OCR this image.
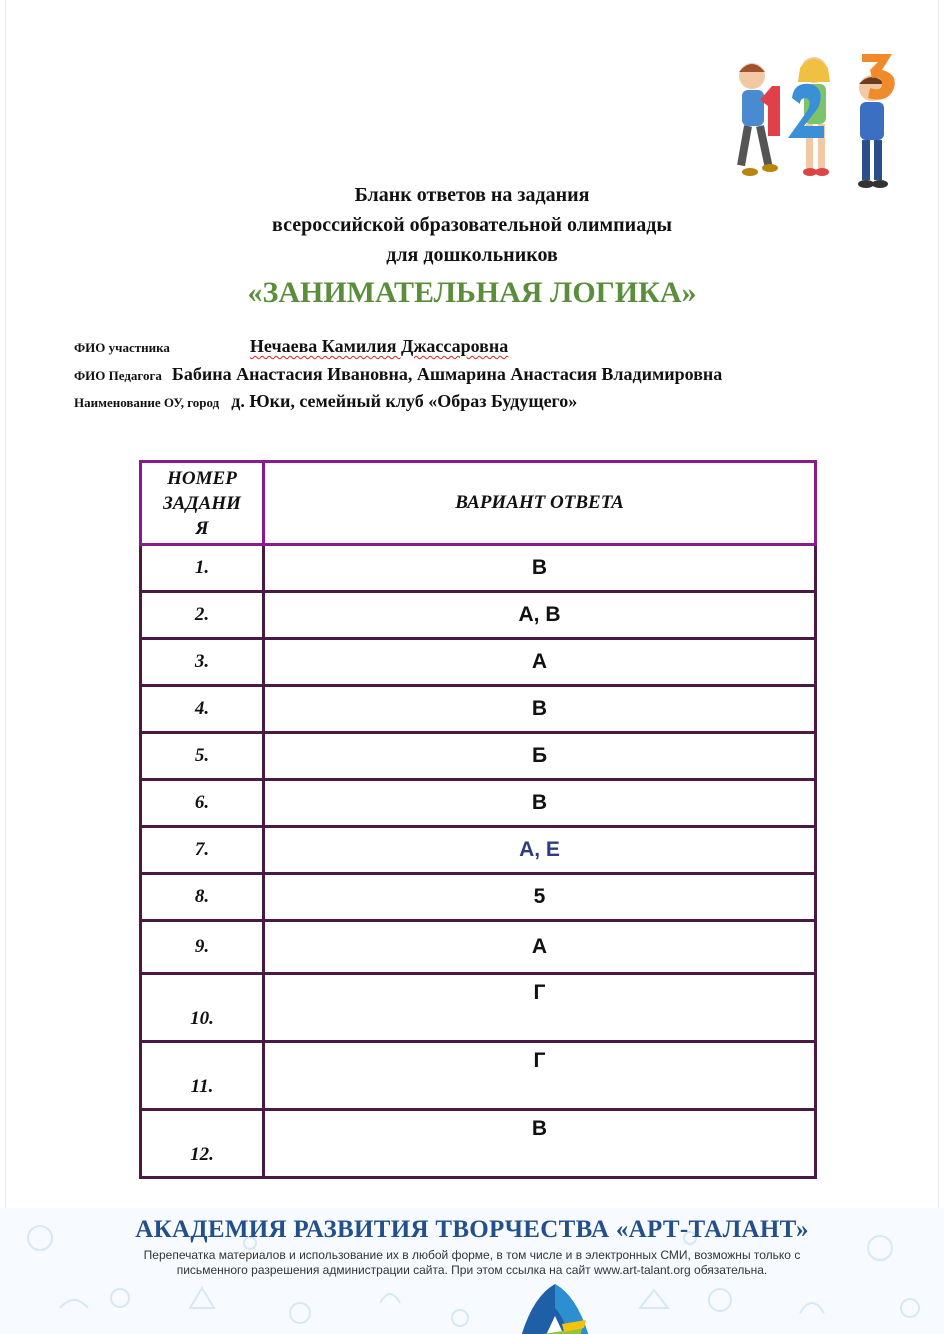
Бланк ответов на задания
всероссийской образовательной олимпиады
для дошкольников
«ЗАНИМАТЕЛЬНАЯ ЛОГИКА»
ФИО участника	Нечаева Камилия Джассаровна
ФИО Педагога Бабина Анастасия Ивановна, Ашмарина Анастасия Владимировна
Наименование ОУ, город д. Юки, семейный клуб «Образ Будущего»
НОМЕР
ЗАДАНИ
Я	ВАРИАНТ ОТВЕТА
1.	В
2.	А, В
3.	А
4.	В
5.	Б
6.	В
7.	А, Е
8.	5
9.	А
10.	Г
11.	Г
12.	В
АКАДЕМИЯ РАЗВИТИЯ ТВОРЧЕСТВА «АРТ-ТАЛАНТ»
Перепечатка материалов и использование их в любой форме, в том числе и в электронных СМИ, возможны только с
письменного разрешения администрации сайта. При этом ссылка на сайт www.art-talant.org обязательна.
